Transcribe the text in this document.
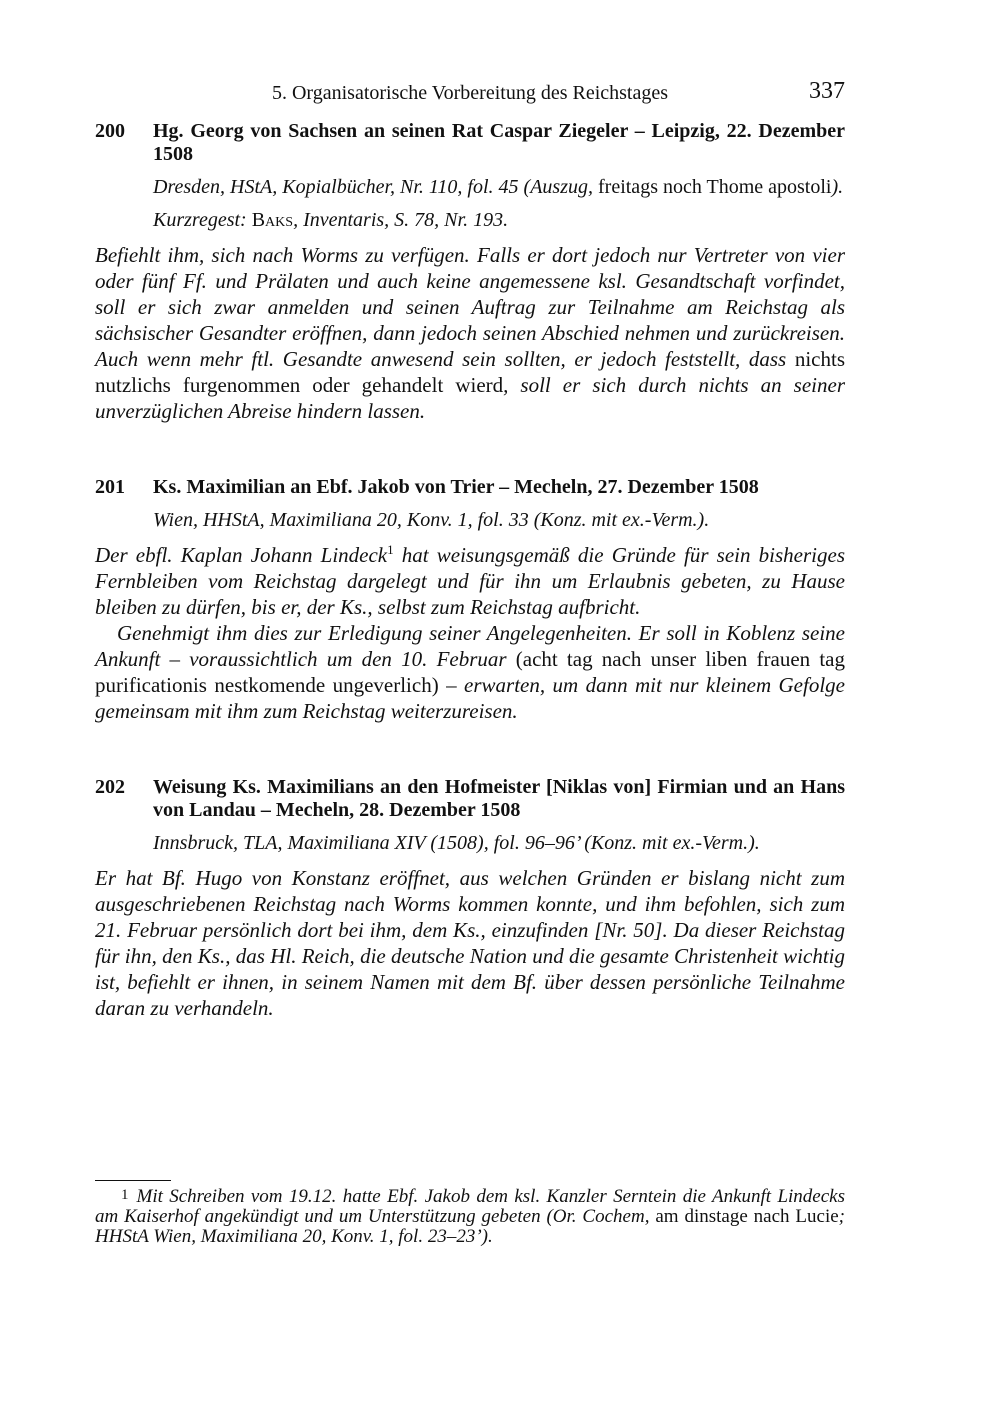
5. Organisatorische Vorbereitung des Reichstages	337
200	Hg. Georg von Sachsen an seinen Rat Caspar Ziegeler – Leipzig, 22. Dezember 1508
Dresden, HStA, Kopialbücher, Nr. 110, fol. 45 (Auszug, freitags noch Thome apostoli).
Kurzregest: Baks, Inventaris, S. 78, Nr. 193.

Befiehlt ihm, sich nach Worms zu verfügen. Falls er dort jedoch nur Vertreter von vier oder fünf Ff. und Prälaten und auch keine angemessene ksl. Gesandtschaft vorfindet, soll er sich zwar anmelden und seinen Auftrag zur Teilnahme am Reichstag als sächsischer Gesandter eröffnen, dann jedoch seinen Abschied nehmen und zurückreisen. Auch wenn mehr ftl. Gesandte anwesend sein sollten, er jedoch feststellt, dass nichts nutzlichs furgenommen oder gehandelt wierd, soll er sich durch nichts an seiner unverzüglichen Abreise hindern lassen.

201	Ks. Maximilian an Ebf. Jakob von Trier – Mecheln, 27. Dezember 1508
Wien, HHStA, Maximiliana 20, Konv. 1, fol. 33 (Konz. mit ex.-Verm.).

Der ebfl. Kaplan Johann Lindeck$^1$ hat weisungsgemäß die Gründe für sein bisheriges Fernbleiben vom Reichstag dargelegt und für ihn um Erlaubnis gebeten, zu Hause bleiben zu dürfen, bis er, der Ks., selbst zum Reichstag aufbricht.

Genehmigt ihm dies zur Erledigung seiner Angelegenheiten. Er soll in Koblenz seine Ankunft – voraussichtlich um den 10. Februar (acht tag nach unser liben frauen tag purificationis nestkomende ungeverlich) – erwarten, um dann mit nur kleinem Gefolge gemeinsam mit ihm zum Reichstag weiterzureisen.

202	Weisung Ks. Maximilians an den Hofmeister [Niklas von] Firmian und an Hans von Landau – Mecheln, 28. Dezember 1508
Innsbruck, TLA, Maximiliana XIV (1508), fol. 96–96’ (Konz. mit ex.-Verm.).

Er hat Bf. Hugo von Konstanz eröffnet, aus welchen Gründen er bislang nicht zum ausgeschriebenen Reichstag nach Worms kommen konnte, und ihm befohlen, sich zum 21. Februar persönlich dort bei ihm, dem Ks., einzufinden [Nr. 50]. Da dieser Reichstag für ihn, den Ks., das Hl. Reich, die deutsche Nation und die gesamte Christenheit wichtig ist, befiehlt er ihnen, in seinem Namen mit dem Bf. über dessen persönliche Teilnahme daran zu verhandeln.

1 Mit Schreiben vom 19.12. hatte Ebf. Jakob dem ksl. Kanzler Serntein die Ankunft Lindecks am Kaiserhof angekündigt und um Unterstützung gebeten (Or. Cochem, am dinstage nach Lucie; HHStA Wien, Maximiliana 20, Konv. 1, fol. 23–23’).
